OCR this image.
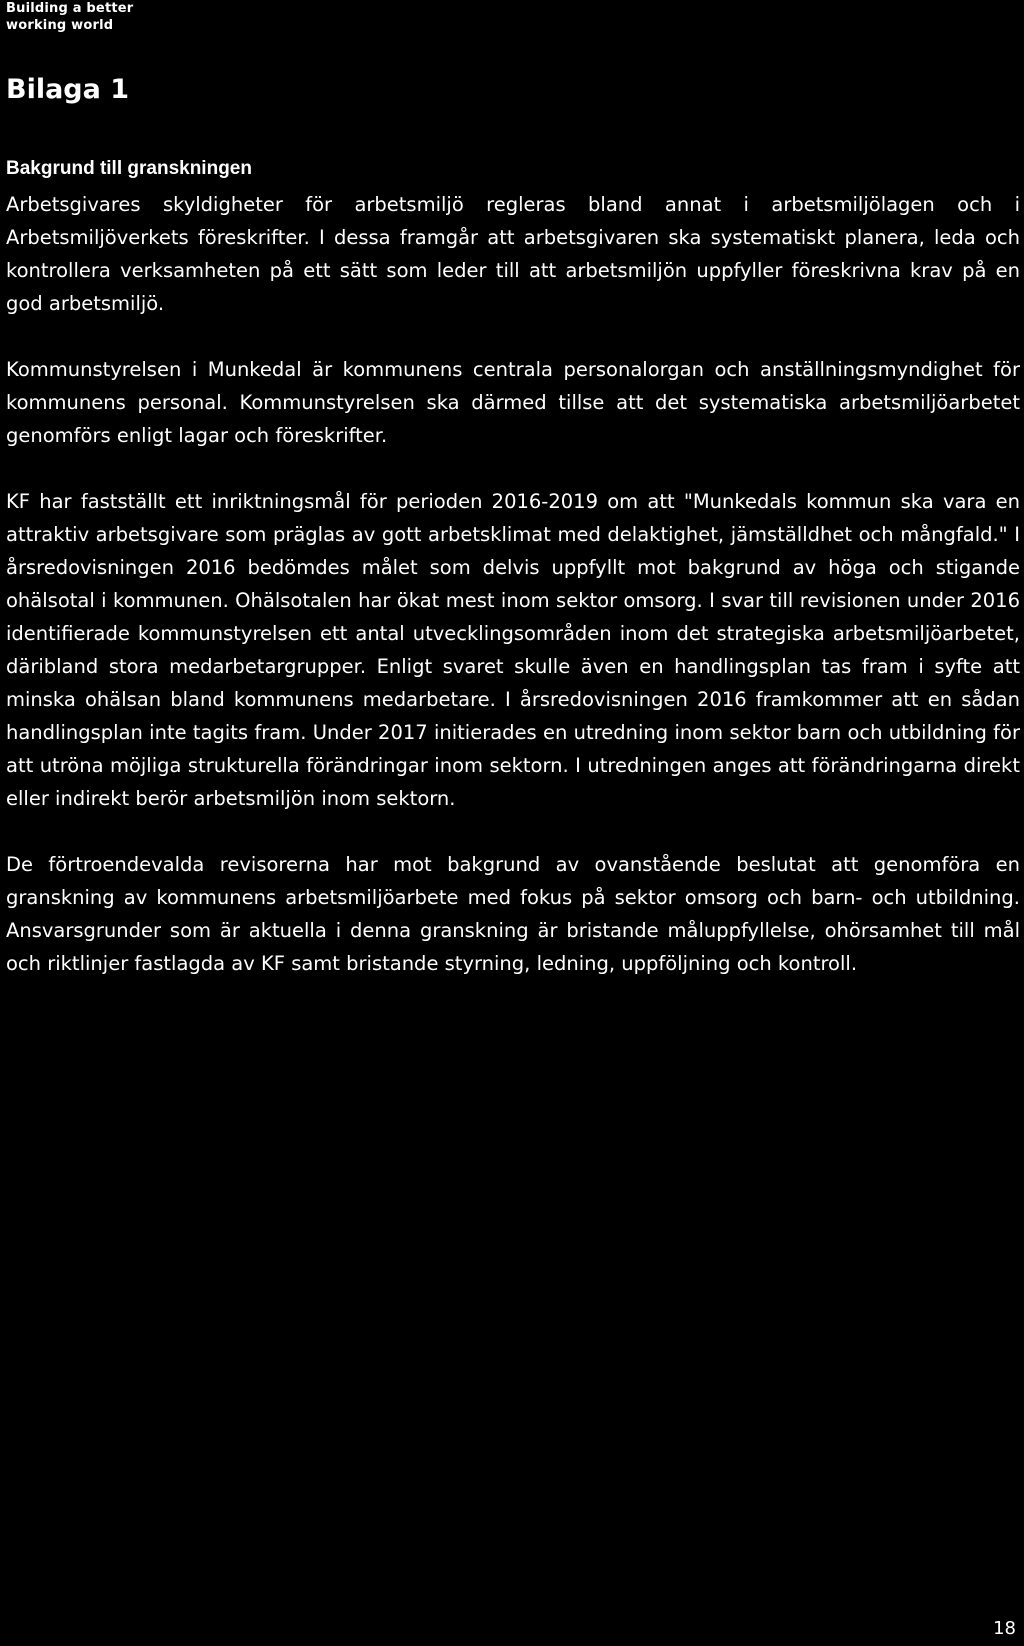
Building a better
working world
Bilaga 1
Bakgrund till granskningen

Arbetsgivares skyldigheter för arbetsmiljö regleras bland annat i arbetsmiljölagen och i Arbetsmiljöverkets föreskrifter. I dessa framgår att arbetsgivaren ska systematiskt planera, leda och kontrollera verksamheten på ett sätt som leder till att arbetsmiljön uppfyller föreskrivna krav på en god arbetsmiljö.

Kommunstyrelsen i Munkedal är kommunens centrala personalorgan och anställningsmyndighet för kommunens personal. Kommunstyrelsen ska därmed tillse att det systematiska arbetsmiljöarbetet genomförs enligt lagar och föreskrifter.

KF har fastställt ett inriktningsmål för perioden 2016-2019 om att "Munkedals kommun ska vara en attraktiv arbetsgivare som präglas av gott arbetsklimat med delaktighet, jämställdhet och mångfald." I årsredovisningen 2016 bedömdes målet som delvis uppfyllt mot bakgrund av höga och stigande ohälsotal i kommunen. Ohälsotalen har ökat mest inom sektor omsorg. I svar till revisionen under 2016 identifierade kommunstyrelsen ett antal utvecklingsområden inom det strategiska arbetsmiljöarbetet, däribland stora medarbetargrupper. Enligt svaret skulle även en handlingsplan tas fram i syfte att minska ohälsan bland kommunens medarbetare. I årsredovisningen 2016 framkommer att en sådan handlingsplan inte tagits fram. Under 2017 initierades en utredning inom sektor barn och utbildning för att utröna möjliga strukturella förändringar inom sektorn. I utredningen anges att förändringarna direkt eller indirekt berör arbetsmiljön inom sektorn.

De förtroendevalda revisorerna har mot bakgrund av ovanstående beslutat att genomföra en granskning av kommunens arbetsmiljöarbete med fokus på sektor omsorg och barn- och utbildning. Ansvarsgrunder som är aktuella i denna granskning är bristande måluppfyllelse, ohörsamhet till mål och riktlinjer fastlagda av KF samt bristande styrning, ledning, uppföljning och kontroll.

18
